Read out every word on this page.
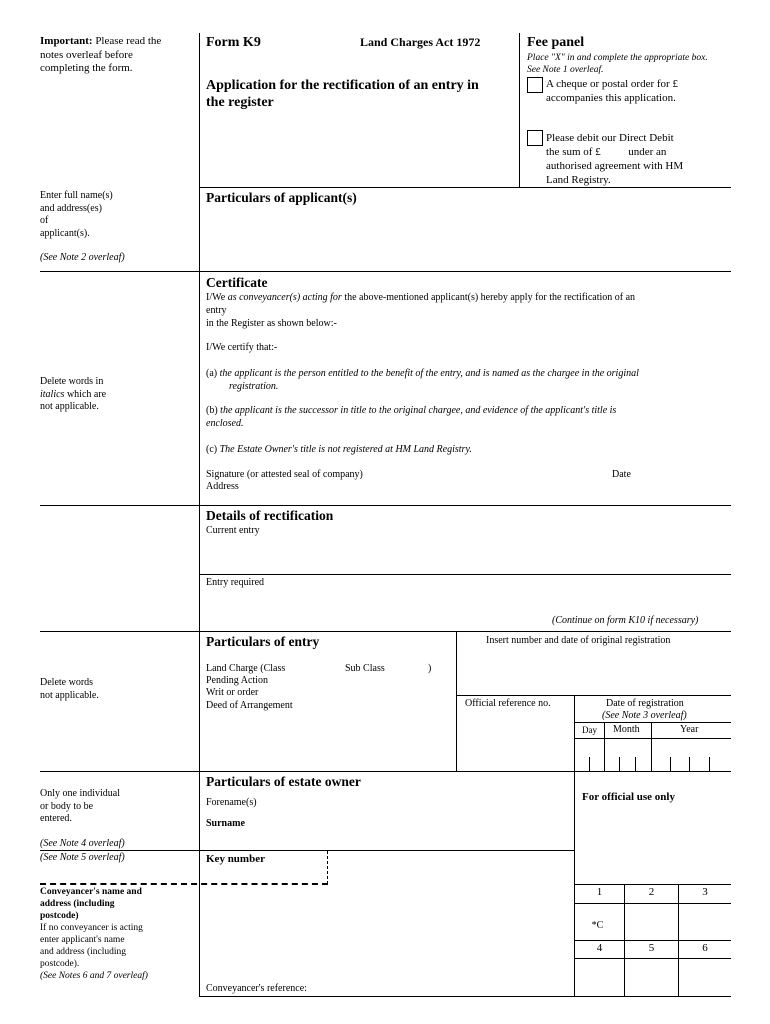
Important: Please read the notes overleaf before completing the form.
Form K9	Land Charges Act 1972
Application for the rectification of an entry in
the register
Fee panel
Place "X" in and complete the appropriate box. See Note 1 overleaf.
A cheque or postal order for £
accompanies this application.
Please debit our Direct Debit
the sum of £          under an
authorised agreement with HM
Land Registry.
Enter full name(s)
and address(es)
of
applicant(s).
(See Note 2 overleaf)
Particulars of applicant(s)
Certificate
I/We as conveyancer(s) acting for the above-mentioned applicant(s) hereby apply for the rectification of an
entry
in the Register as shown below:-
I/We certify that:-
Delete words in
italics which are
not applicable.
(a) the applicant is the person entitled to the benefit of the entry, and is named as the chargee in the original
registration.
(b) the applicant is the successor in title to the original chargee, and evidence of the applicant's title is
enclosed.
(c) The Estate Owner's title is not registered at HM Land Registry.
Signature (or attested seal of company)	Date
Address
Details of rectification
Current entry
Entry required
(Continue on form K10 if necessary)
Particulars of entry	Insert number and date of original registration
Delete words
not applicable.
Land Charge (Class	Sub Class	)
Pending Action
Writ or order
Deed of Arrangement	Official reference no.	Date of registration
(See Note 3 overleaf)
Day Month	Year
Particulars of estate owner
For official use only
Only one individual
or body to be
entered.
(See Note 4 overleaf)
(See Note 5 overleaf)
Forename(s)
Surname
Key number
Conveyancer's name and
address (including
postcode)
If no conveyancer is acting
enter applicant's name
and address (including
postcode).
(See Notes 6 and 7 overleaf)
Conveyancer's reference:
1	2	3
*C
4	5	6
